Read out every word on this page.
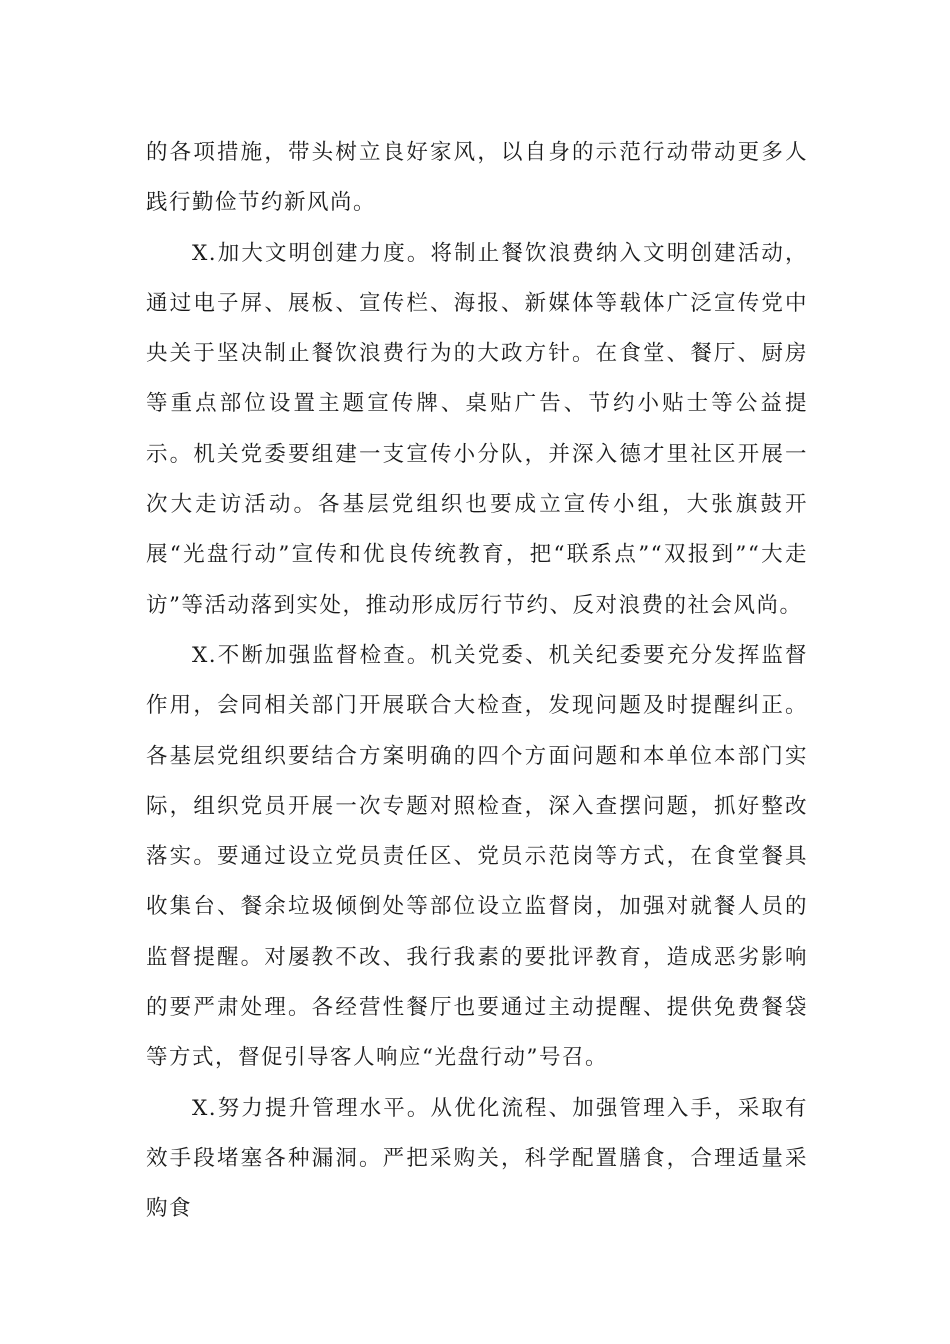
的各项措施，带头树立良好家风，以自身的示范行动带动更多人践行勤俭节约新风尚。

X.加大文明创建力度。将制止餐饮浪费纳入文明创建活动，通过电子屏、展板、宣传栏、海报、新媒体等载体广泛宣传党中央关于坚决制止餐饮浪费行为的大政方针。在食堂、餐厅、厨房等重点部位设置主题宣传牌、桌贴广告、节约小贴士等公益提示。机关党委要组建一支宣传小分队，并深入德才里社区开展一次大走访活动。各基层党组织也要成立宣传小组，大张旗鼓开展“光盘行动”宣传和优良传统教育，把“联系点”“双报到”“大走访”等活动落到实处，推动形成厉行节约、反对浪费的社会风尚。

X.不断加强监督检查。机关党委、机关纪委要充分发挥监督作用，会同相关部门开展联合大检查，发现问题及时提醒纠正。各基层党组织要结合方案明确的四个方面问题和本单位本部门实际，组织党员开展一次专题对照检查，深入查摆问题，抓好整改落实。要通过设立党员责任区、党员示范岗等方式，在食堂餐具收集台、餐余垃圾倾倒处等部位设立监督岗，加强对就餐人员的监督提醒。对屡教不改、我行我素的要批评教育，造成恶劣影响的要严肃处理。各经营性餐厅也要通过主动提醒、提供免费餐袋等方式，督促引导客人响应“光盘行动”号召。

X.努力提升管理水平。从优化流程、加强管理入手，采取有效手段堵塞各种漏洞。严把采购关，科学配置膳食，合理适量采购食
